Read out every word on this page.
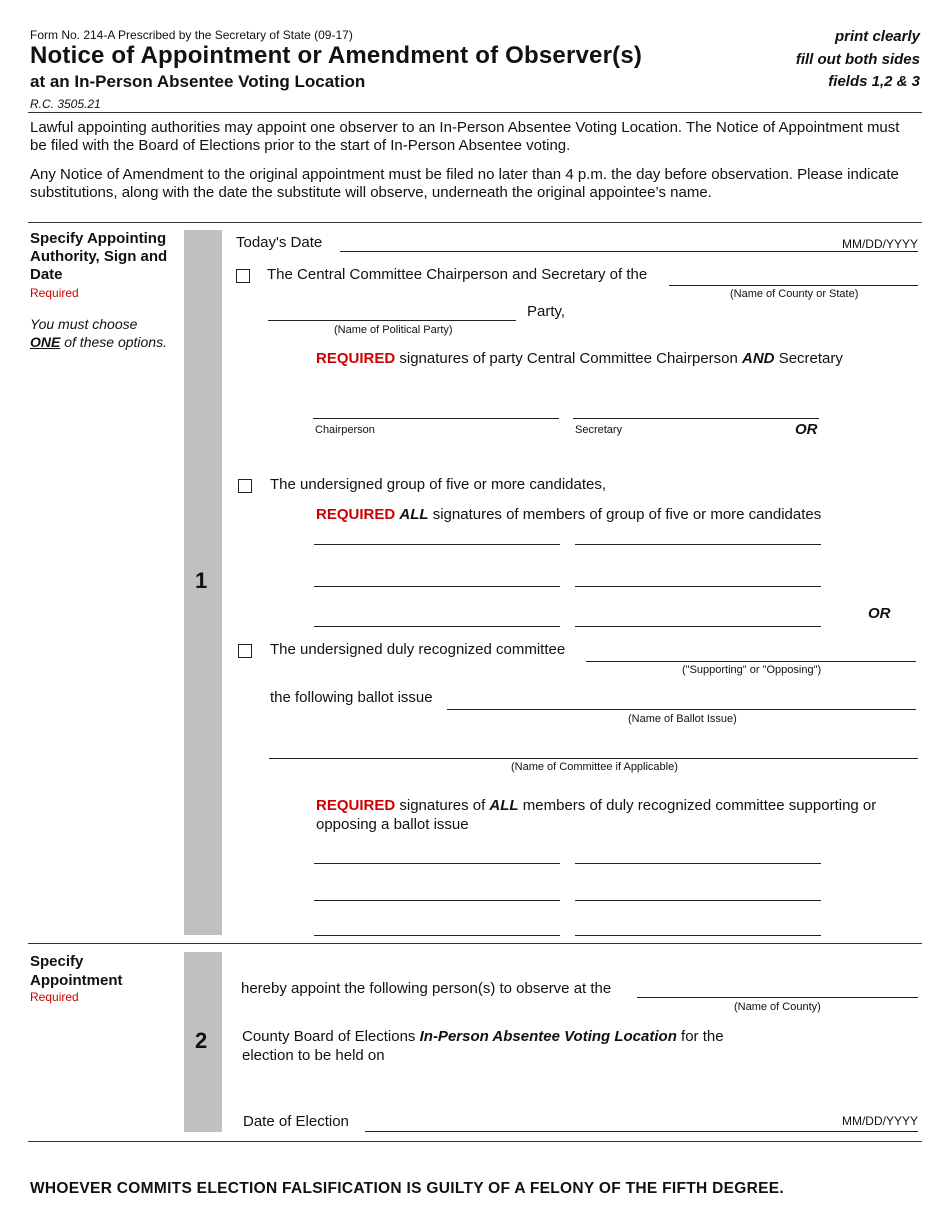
Form No. 214-A Prescribed by the Secretary of State (09-17)
Notice of Appointment or Amendment of Observer(s)
at an In-Person Absentee Voting Location
R.C. 3505.21
print clearly
fill out both sides
fields 1,2 & 3
Lawful appointing authorities may appoint one observer to an In-Person Absentee Voting Location. The Notice of Appointment must be filed with the Board of Elections prior to the start of In-Person Absentee voting.
Any Notice of Amendment to the original appointment must be filed no later than 4 p.m. the day before observation. Please indicate substitutions, along with the date the substitute will observe, underneath the original appointee’s name.
Specify Appointing Authority, Sign and Date
Required
You must choose
ONE of these options.
1
Today's Date	MM/DD/YYYY
The Central Committee Chairperson and Secretary of the
(Name of County or State)
Party,
(Name of Political Party)
REQUIRED signatures of party Central Committee Chairperson AND Secretary
Chairperson	Secretary	OR
The undersigned group of five or more candidates,
REQUIRED ALL signatures of members of group of five or more candidates
OR
The undersigned duly recognized committee
("Supporting" or "Opposing")
the following ballot issue
(Name of Ballot Issue)
(Name of Committee if Applicable)
REQUIRED signatures of ALL members of duly recognized committee supporting or opposing a ballot issue
Specify Appointment
Required
2
hereby appoint the following person(s) to observe at the
(Name of County)
County Board of Elections In-Person Absentee Voting Location for the
election to be held on
Date of Election	MM/DD/YYYY
WHOEVER COMMITS ELECTION FALSIFICATION IS GUILTY OF A FELONY OF THE FIFTH DEGREE.
